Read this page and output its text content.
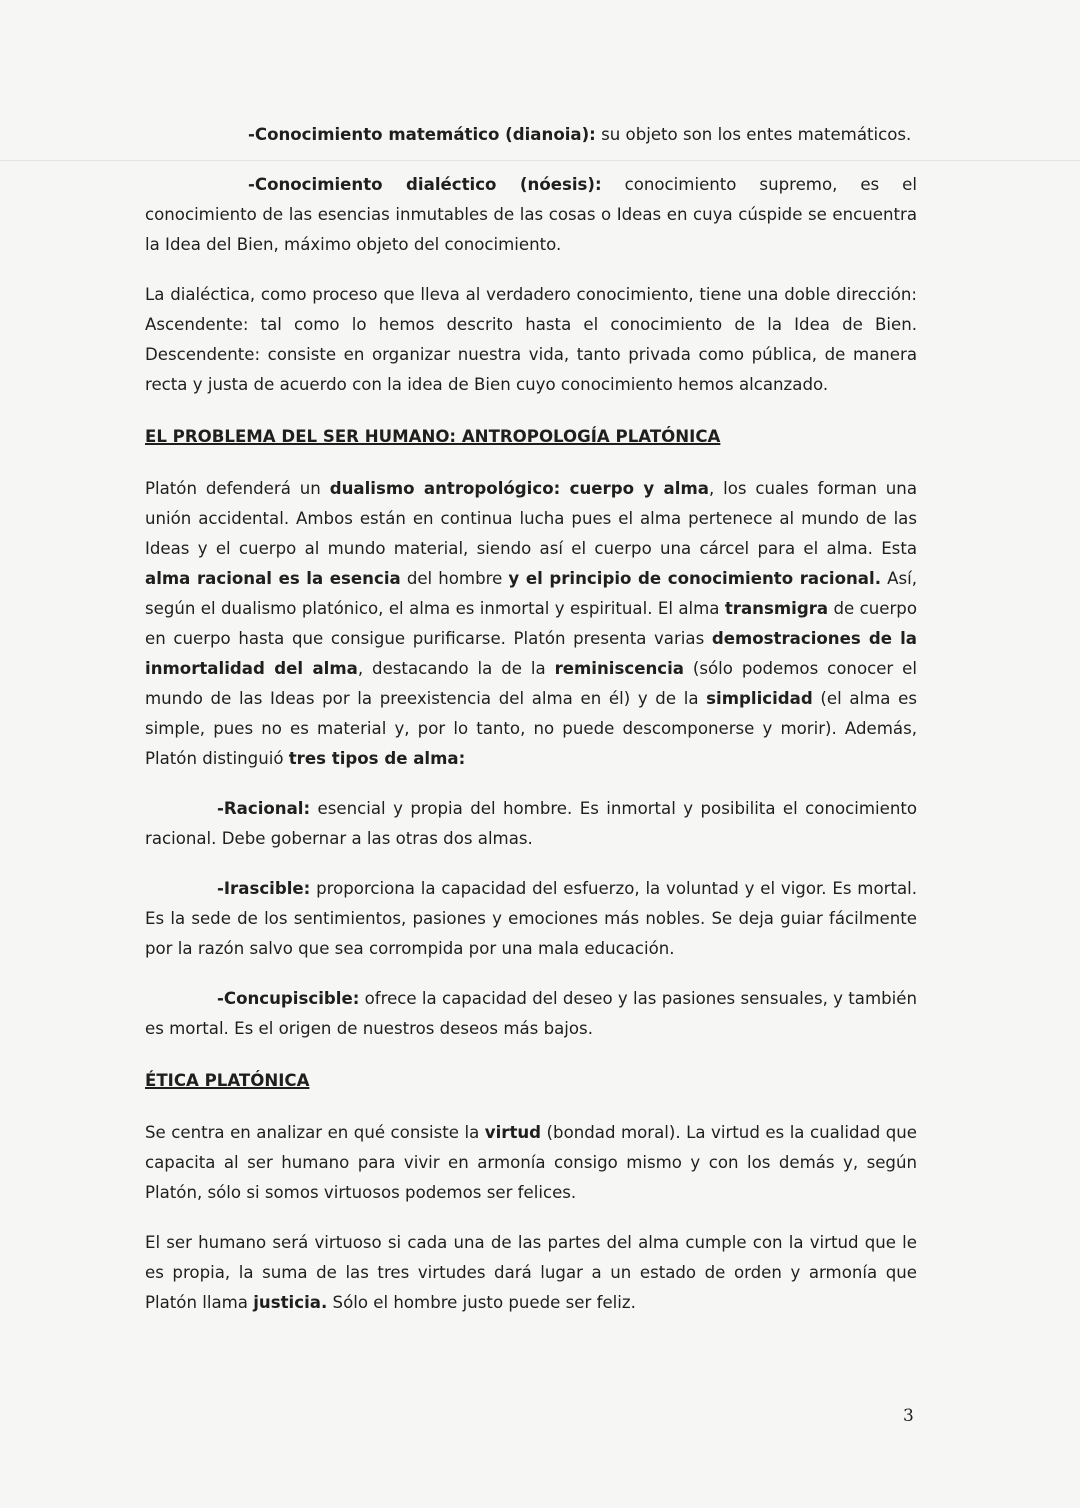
-Conocimiento matemático (dianoia): su objeto son los entes matemáticos.

-Conocimiento dialéctico (nóesis): conocimiento supremo, es el conocimiento de las esencias inmutables de las cosas o Ideas en cuya cúspide se encuentra la Idea del Bien, máximo objeto del conocimiento.

La dialéctica, como proceso que lleva al verdadero conocimiento, tiene una doble dirección: Ascendente: tal como lo hemos descrito hasta el conocimiento de la Idea de Bien. Descendente: consiste en organizar nuestra vida, tanto privada como pública, de manera recta y justa de acuerdo con la idea de Bien cuyo conocimiento hemos alcanzado.

EL PROBLEMA DEL SER HUMANO: ANTROPOLOGÍA PLATÓNICA

Platón defenderá un dualismo antropológico: cuerpo y alma, los cuales forman una unión accidental. Ambos están en continua lucha pues el alma pertenece al mundo de las Ideas y el cuerpo al mundo material, siendo así el cuerpo una cárcel para el alma. Esta alma racional es la esencia del hombre y el principio de conocimiento racional. Así, según el dualismo platónico, el alma es inmortal y espiritual. El alma transmigra de cuerpo en cuerpo hasta que consigue purificarse. Platón presenta varias demostraciones de la inmortalidad del alma, destacando la de la reminiscencia (sólo podemos conocer el mundo de las Ideas por la preexistencia del alma en él) y de la simplicidad (el alma es simple, pues no es material y, por lo tanto, no puede descomponerse y morir). Además, Platón distinguió tres tipos de alma:

-Racional: esencial y propia del hombre. Es inmortal y posibilita el conocimiento racional. Debe gobernar a las otras dos almas.

-Irascible: proporciona la capacidad del esfuerzo, la voluntad y el vigor. Es mortal. Es la sede de los sentimientos, pasiones y emociones más nobles. Se deja guiar fácilmente por la razón salvo que sea corrompida por una mala educación.

-Concupiscible: ofrece la capacidad del deseo y las pasiones sensuales, y también es mortal. Es el origen de nuestros deseos más bajos.

ÉTICA PLATÓNICA

Se centra en analizar en qué consiste la virtud (bondad moral). La virtud es la cualidad que capacita al ser humano para vivir en armonía consigo mismo y con los demás y, según Platón, sólo si somos virtuosos podemos ser felices.

El ser humano será virtuoso si cada una de las partes del alma cumple con la virtud que le es propia, la suma de las tres virtudes dará lugar a un estado de orden y armonía que Platón llama justicia. Sólo el hombre justo puede ser feliz.

3
